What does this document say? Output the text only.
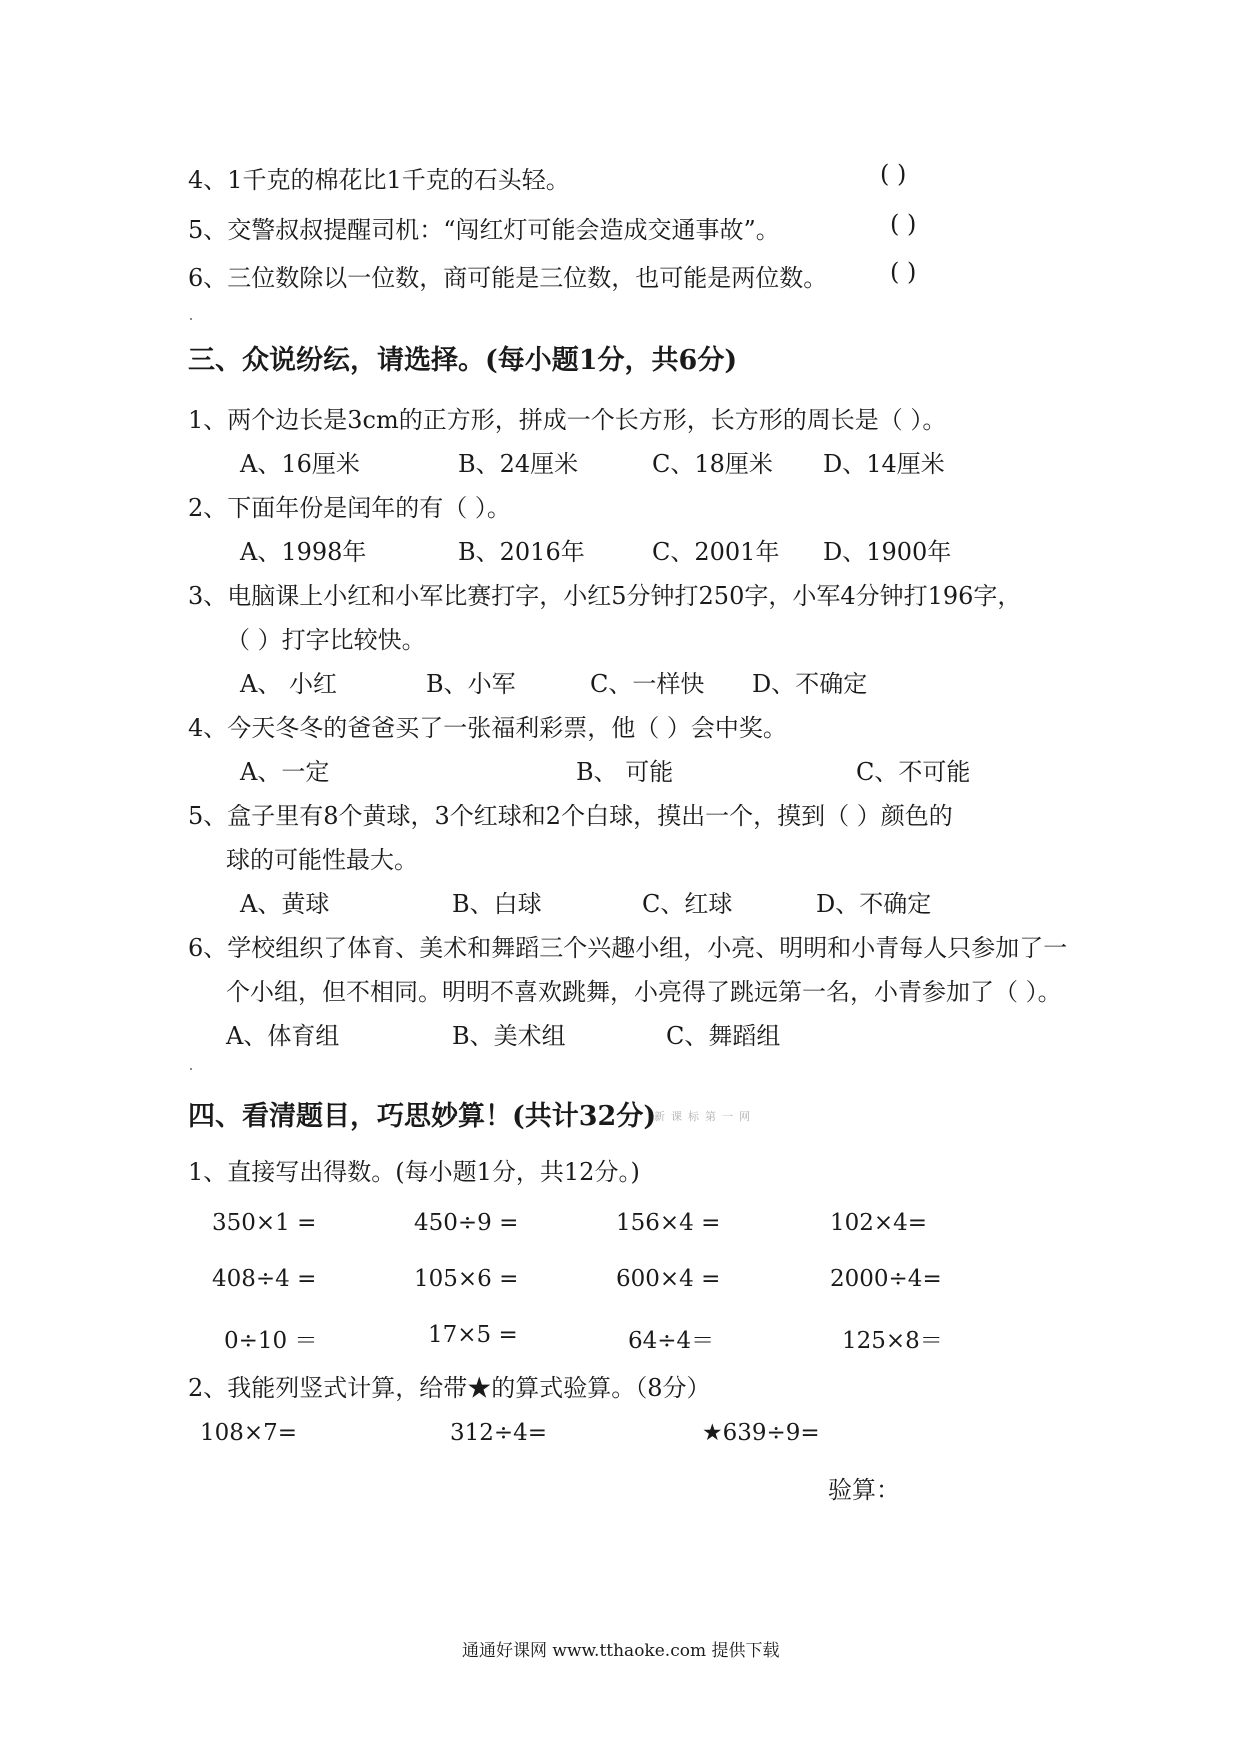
4、1千克的棉花比1千克的石头轻。	( )
5、交警叔叔提醒司机：“闯红灯可能会造成交通事故”。	( )
6、三位数除以一位数，商可能是三位数，也可能是两位数。	( )
三、众说纷纭，请选择。(每小题1分，共6分)
1、两个边长是3cm的正方形，拼成一个长方形，长方形的周长是（ ）。
A、16厘米	B、24厘米	C、18厘米 D、14厘米
2、下面年份是闰年的有（ ）。
A、1998年	B、2016年	C、2001年 D、1900年
3、电脑课上小红和小军比赛打字，小红5分钟打250字，小军4分钟打196字，
（ ）打字比较快。
A、 小红	B、小军	C、一样快 D、不确定
4、今天冬冬的爸爸买了一张福利彩票，他（ ）会中奖。
A、一定	B、 可能	C、不可能
5、盒子里有8个黄球，3个红球和2个白球，摸出一个，摸到（ ）颜色的
球的可能性最大。
A、黄球	B、白球	C、红球	D、不确定
6、学校组织了体育、美术和舞蹈三个兴趣小组，小亮、明明和小青每人只参加了一
个小组，但不相同。明明不喜欢跳舞，小亮得了跳远第一名，小青参加了（ ）。
A、体育组	B、美术组	C、舞蹈组
四、看清题目，巧思妙算！(共计32分)
新课标第一网
1、直接写出得数。(每小题1分，共12分。)
350×1 =	450÷9 =	156×4 =	102×4=
408÷4 =	105×6 =	600×4 =	2000÷4=
0÷10 ＝	17×5 =	64÷4＝	125×8＝
2、我能列竖式计算，给带★的算式验算。（8分）
108×7=	312÷4=	★639÷9=
验算：
通通好课网 www.tthaoke.com 提供下载
